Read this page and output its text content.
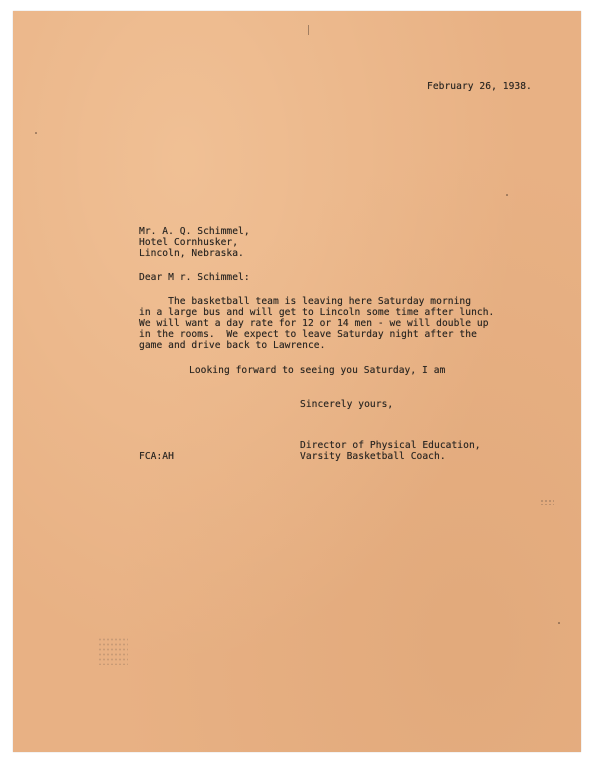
February 26, 1938.
Mr. A. Q. Schimmel,
Hotel Cornhusker,
Lincoln, Nebraska.
Dear M r. Schimmel:
The basketball team is leaving here Saturday morning
in a large bus and will get to Lincoln some time after lunch.
We will want a day rate for 12 or 14 men - we will double up
in the rooms.  We expect to leave Saturday night after the
game and drive back to Lawrence.
Looking forward to seeing you Saturday, I am
Sincerely yours,
Director of Physical Education,
Varsity Basketball Coach.
FCA:AH
